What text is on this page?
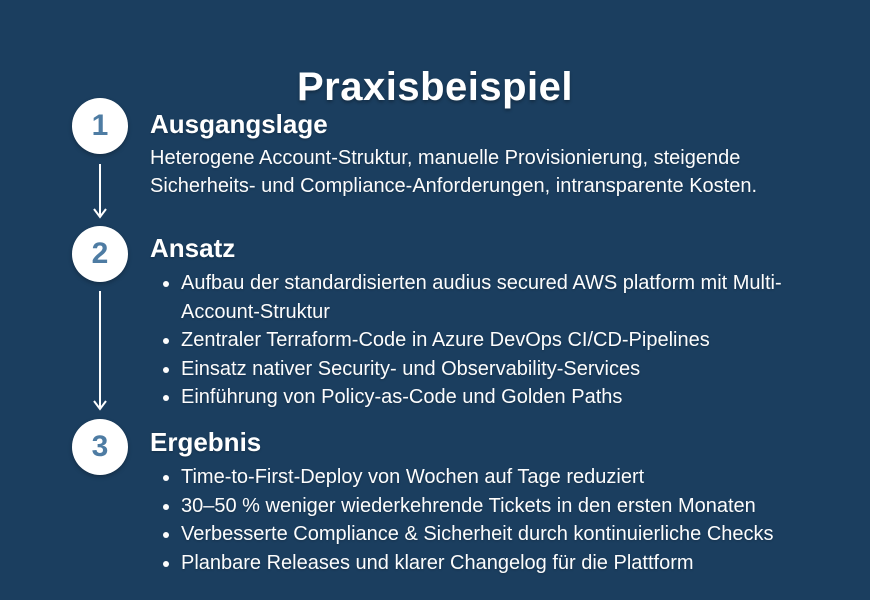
Praxisbeispiel
1
2
3
Ausgangslage

Heterogene Account-Struktur, manuelle Provisionierung, steigende Sicherheits- und Compliance-Anforderungen, intransparente Kosten.

Ansatz
• Aufbau der standardisierten audius secured AWS platform mit Multi-Account-Struktur
• Zentraler Terraform-Code in Azure DevOps CI/CD-Pipelines
• Einsatz nativer Security- und Observability-Services
• Einführung von Policy-as-Code und Golden Paths
Ergebnis
• Time-to-First-Deploy von Wochen auf Tage reduziert
• 30–50 % weniger wiederkehrende Tickets in den ersten Monaten
• Verbesserte Compliance & Sicherheit durch kontinuierliche Checks
• Planbare Releases und klarer Changelog für die Plattform
